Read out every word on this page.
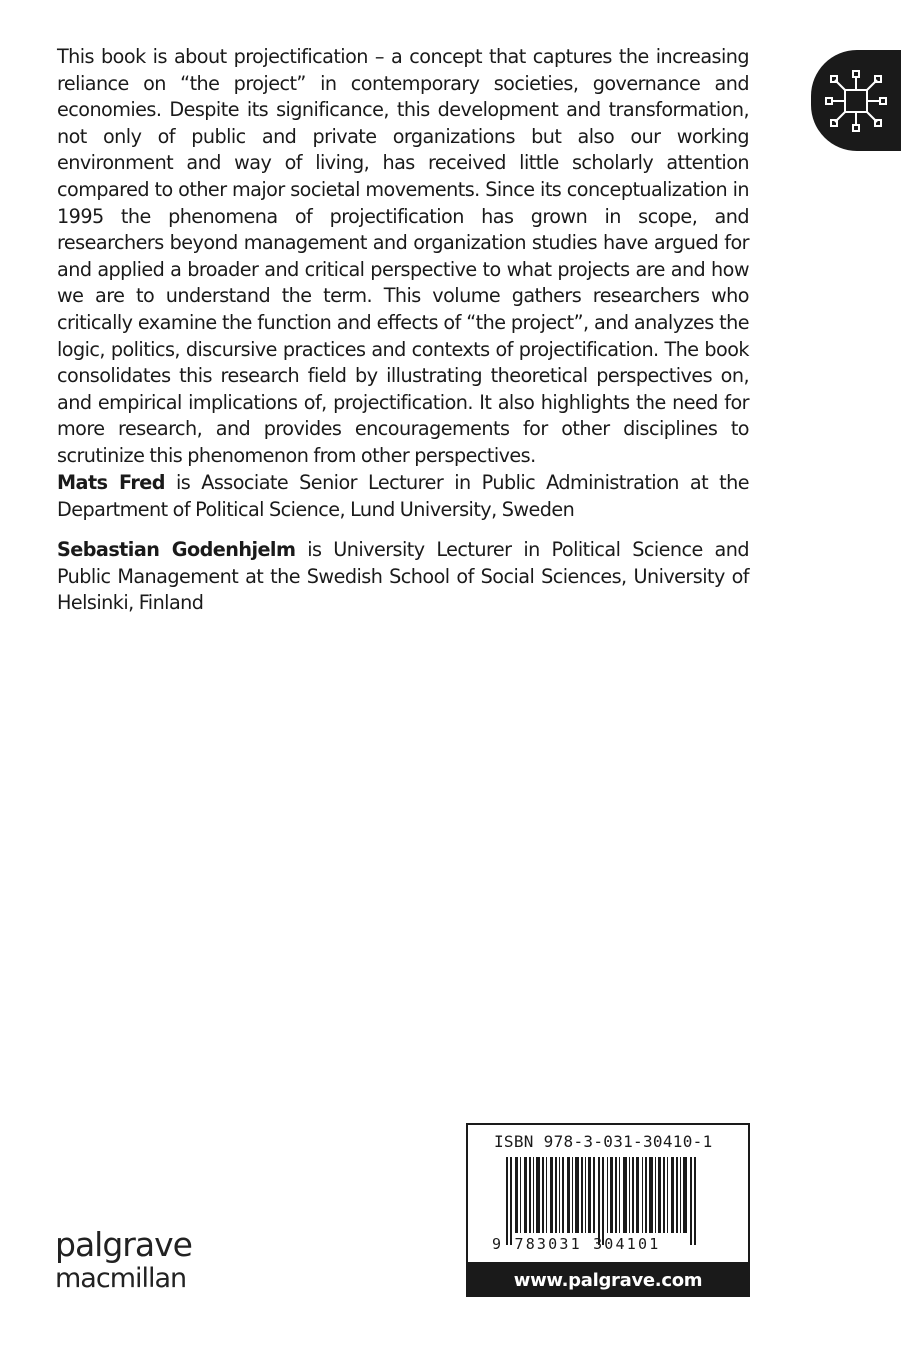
This book is about projectification – a concept that captures the increasing reliance on “the project” in contemporary societies, governance and economies. Despite its significance, this development and transformation, not only of public and private organizations but also our working environment and way of living, has received little scholarly attention compared to other major societal movements. Since its conceptualization in 1995 the phenomena of projectification has grown in scope, and researchers beyond management and organization studies have argued for and applied a broader and critical perspective to what projects are and how we are to understand the term. This volume gathers researchers who critically examine the function and effects of “the project”, and analyzes the logic, politics, discursive practices and contexts of projectification. The book consolidates this research field by illustrating theoretical perspectives on, and empirical implications of, projectification. It also highlights the need for more research, and provides encouragements for other disciplines to scrutinize this phenomenon from other perspectives.

Mats Fred is Associate Senior Lecturer in Public Administration at the Department of Political Science, Lund University, Sweden

Sebastian Godenhjelm is University Lecturer in Political Science and Public Management at the Swedish School of Social Sciences, University of Helsinki, Finland

ISBN 978-3-031-30410-1
9 783031 304101
www.palgrave.com
palgrave
macmillan
